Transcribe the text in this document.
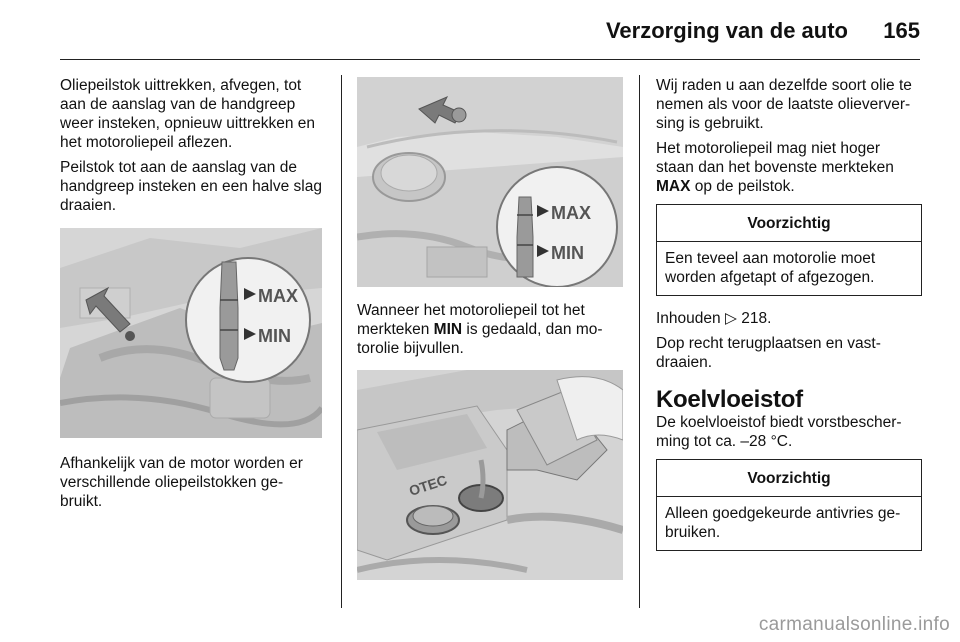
Verzorging van de auto 165

Oliepeilstok uittrekken, afvegen, tot aan de aanslag van de handgreep weer insteken, opnieuw uittrekken en het motoroliepeil aflezen.

Peilstok tot aan de aanslag van de handgreep insteken en een halve slag draaien.

MAX
MIN

Afhankelijk van de motor worden er verschillende oliepeilstokken ge- bruikt.

MAX
MIN

Wanneer het motoroliepeil tot het merkteken MIN is gedaald, dan mo- torolie bijvullen.

OTEC

Wij raden u aan dezelfde soort olie te nemen als voor de laatste olieverver- sing is gebruikt.

Het motoroliepeil mag niet hoger staan dan het bovenste merkteken MAX op de peilstok.

Voorzichtig
Een teveel aan motorolie moet worden afgetapt of afgezogen.

Inhouden ▷ 218.

Dop recht terugplaatsen en vast- draaien.

Koelvloeistof

De koelvloeistof biedt vorstbescher- ming tot ca. –28 °C.

Voorzichtig
Alleen goedgekeurde antivries ge- bruiken.
carmanualsonline.info
